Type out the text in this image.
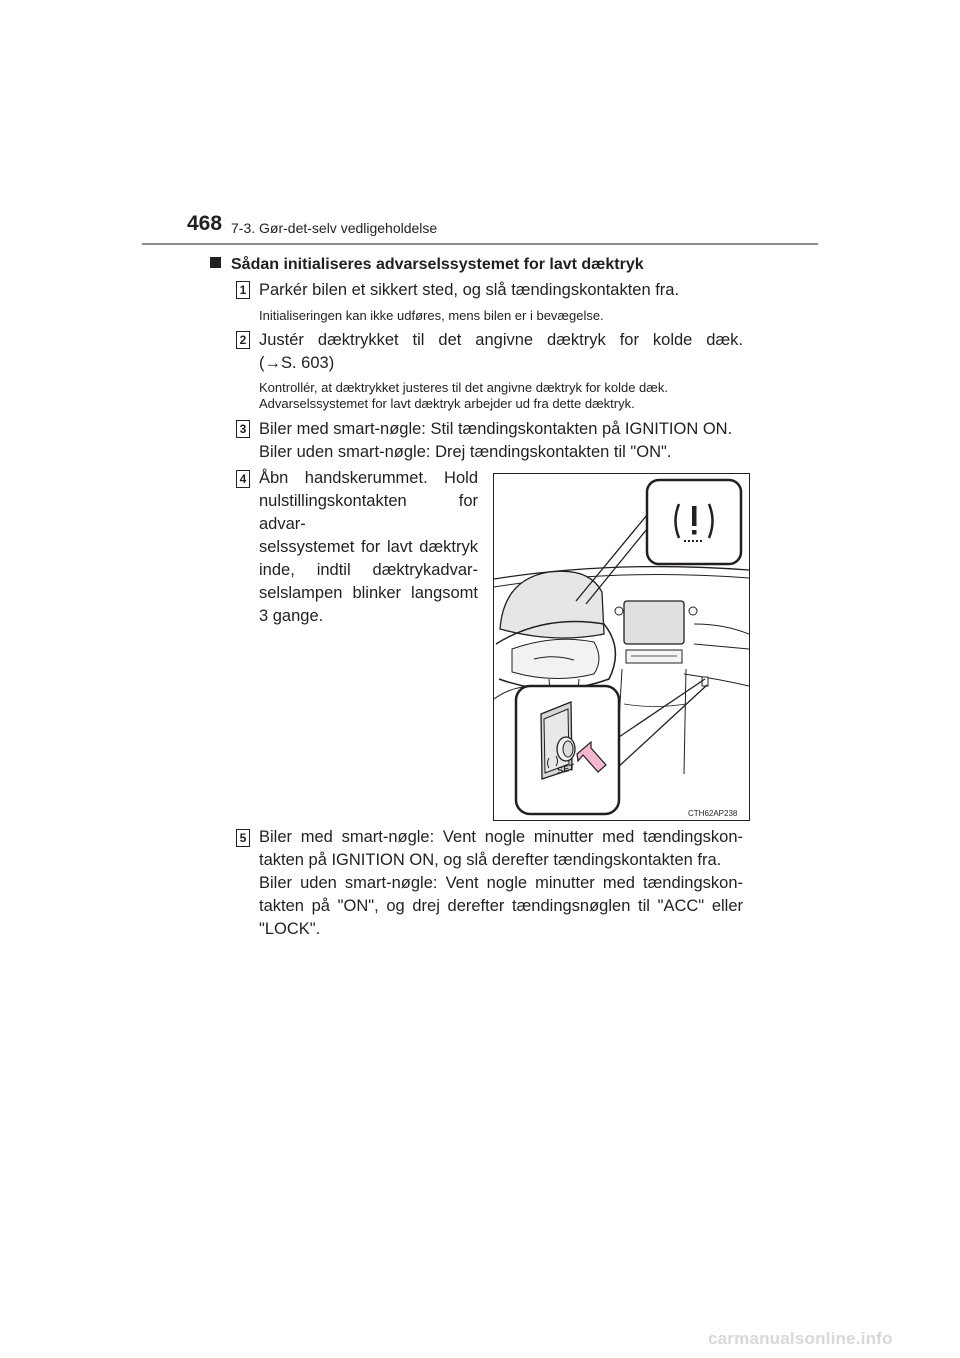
468 7-3. Gør-det-selv vedligeholdelse
Sådan initialiseres advarselssystemet for lavt dæktryk
1 Parkér bilen et sikkert sted, og slå tændingskontakten fra.
Initialiseringen kan ikke udføres, mens bilen er i bevægelse.
2 Justér dæktrykket til det angivne dæktryk for kolde dæk.
(→S. 603)
Kontrollér, at dæktrykket justeres til det angivne dæktryk for kolde dæk.
Advarselssystemet for lavt dæktryk arbejder ud fra dette dæktryk.
3 Biler med smart-nøgle: Stil tændingskontakten på IGNITION ON.
Biler uden smart-nøgle: Drej tændingskontakten til "ON".
4 Åbn handskerummet. Hold
nulstillingskontakten for advar-
selssystemet for lavt dæktryk
inde, indtil dæktrykadvar-
selslampen blinker langsomt
3 gange.
SET
CTH62AP238
5 Biler med smart-nøgle: Vent nogle minutter med tændingskon-
takten på IGNITION ON, og slå derefter tændingskontakten fra.
Biler uden smart-nøgle: Vent nogle minutter med tændingskon-
takten på "ON", og drej derefter tændingsnøglen til "ACC" eller
"LOCK".
carmanualsonline.info
